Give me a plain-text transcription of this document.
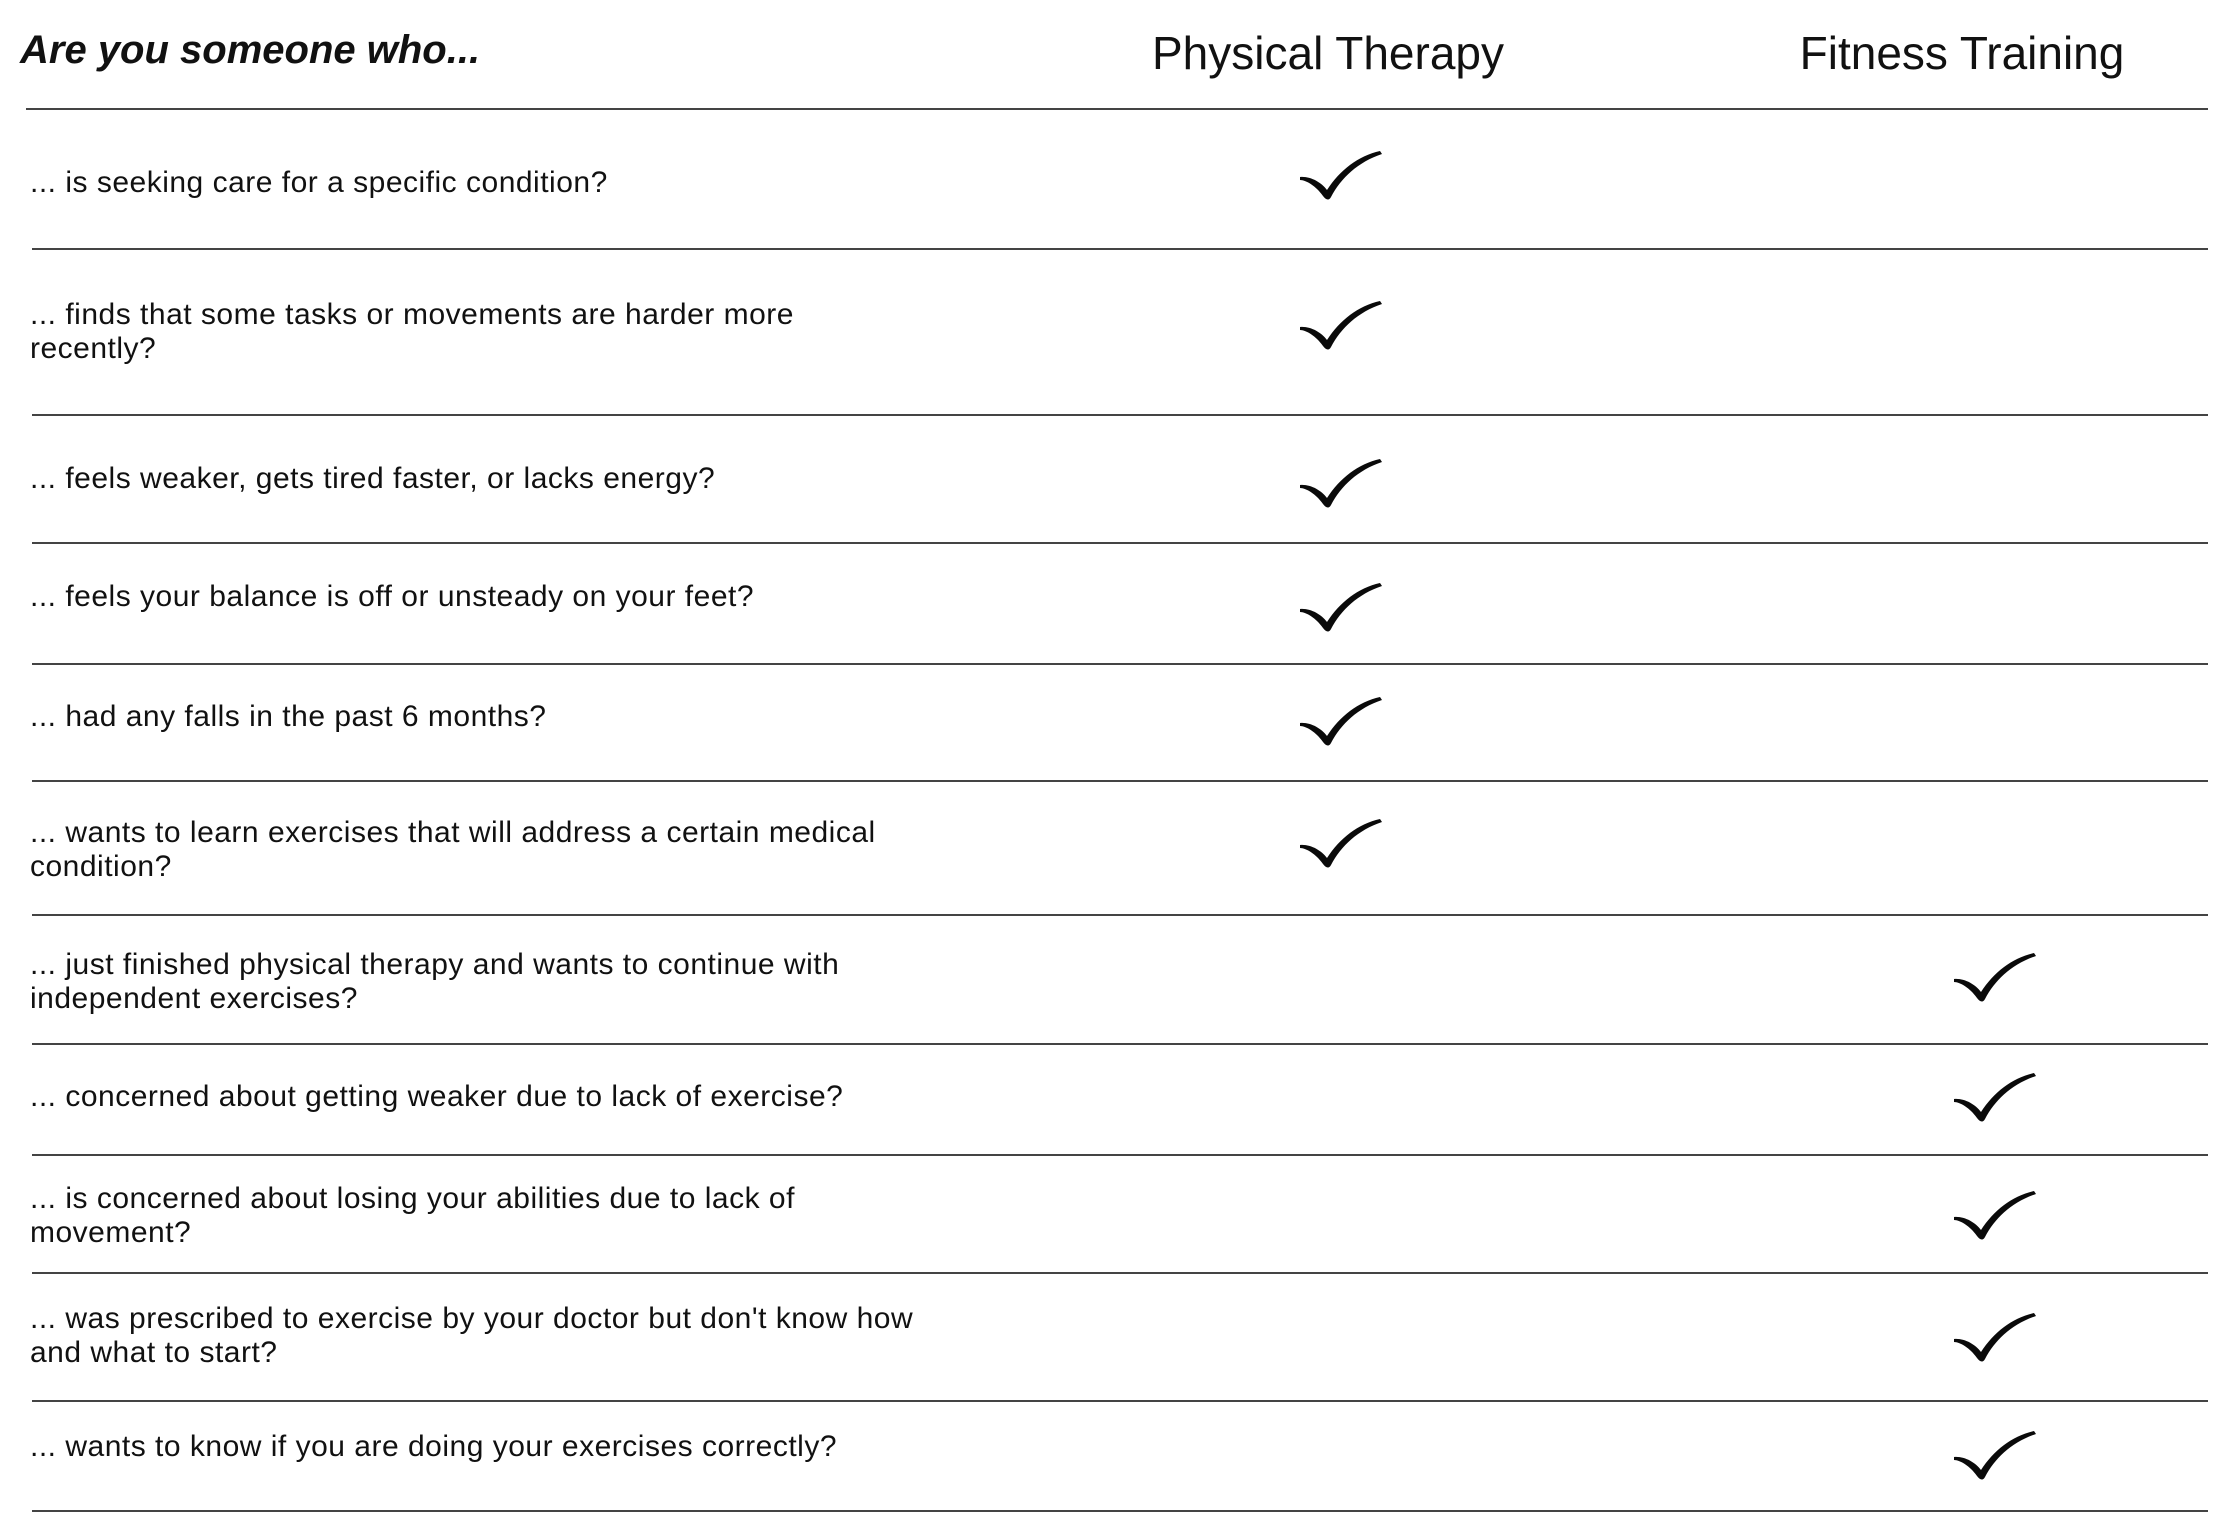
Are you someone who...	Physical Therapy	Fitness Training
... is seeking care for a specific condition?
... finds that some tasks or movements are harder more recently?
... feels weaker, gets tired faster, or lacks energy?
... feels your balance is off or unsteady on your feet?
... had any falls in the past 6 months?
... wants to learn exercises that will address a certain medical condition?
... just finished physical therapy and wants to continue with independent exercises?
... concerned about getting weaker due to lack of exercise?
... is concerned about losing your abilities due to lack of movement?
... was prescribed to exercise by your doctor but don't know how and what to start?
... wants to know if you are doing your exercises correctly?
